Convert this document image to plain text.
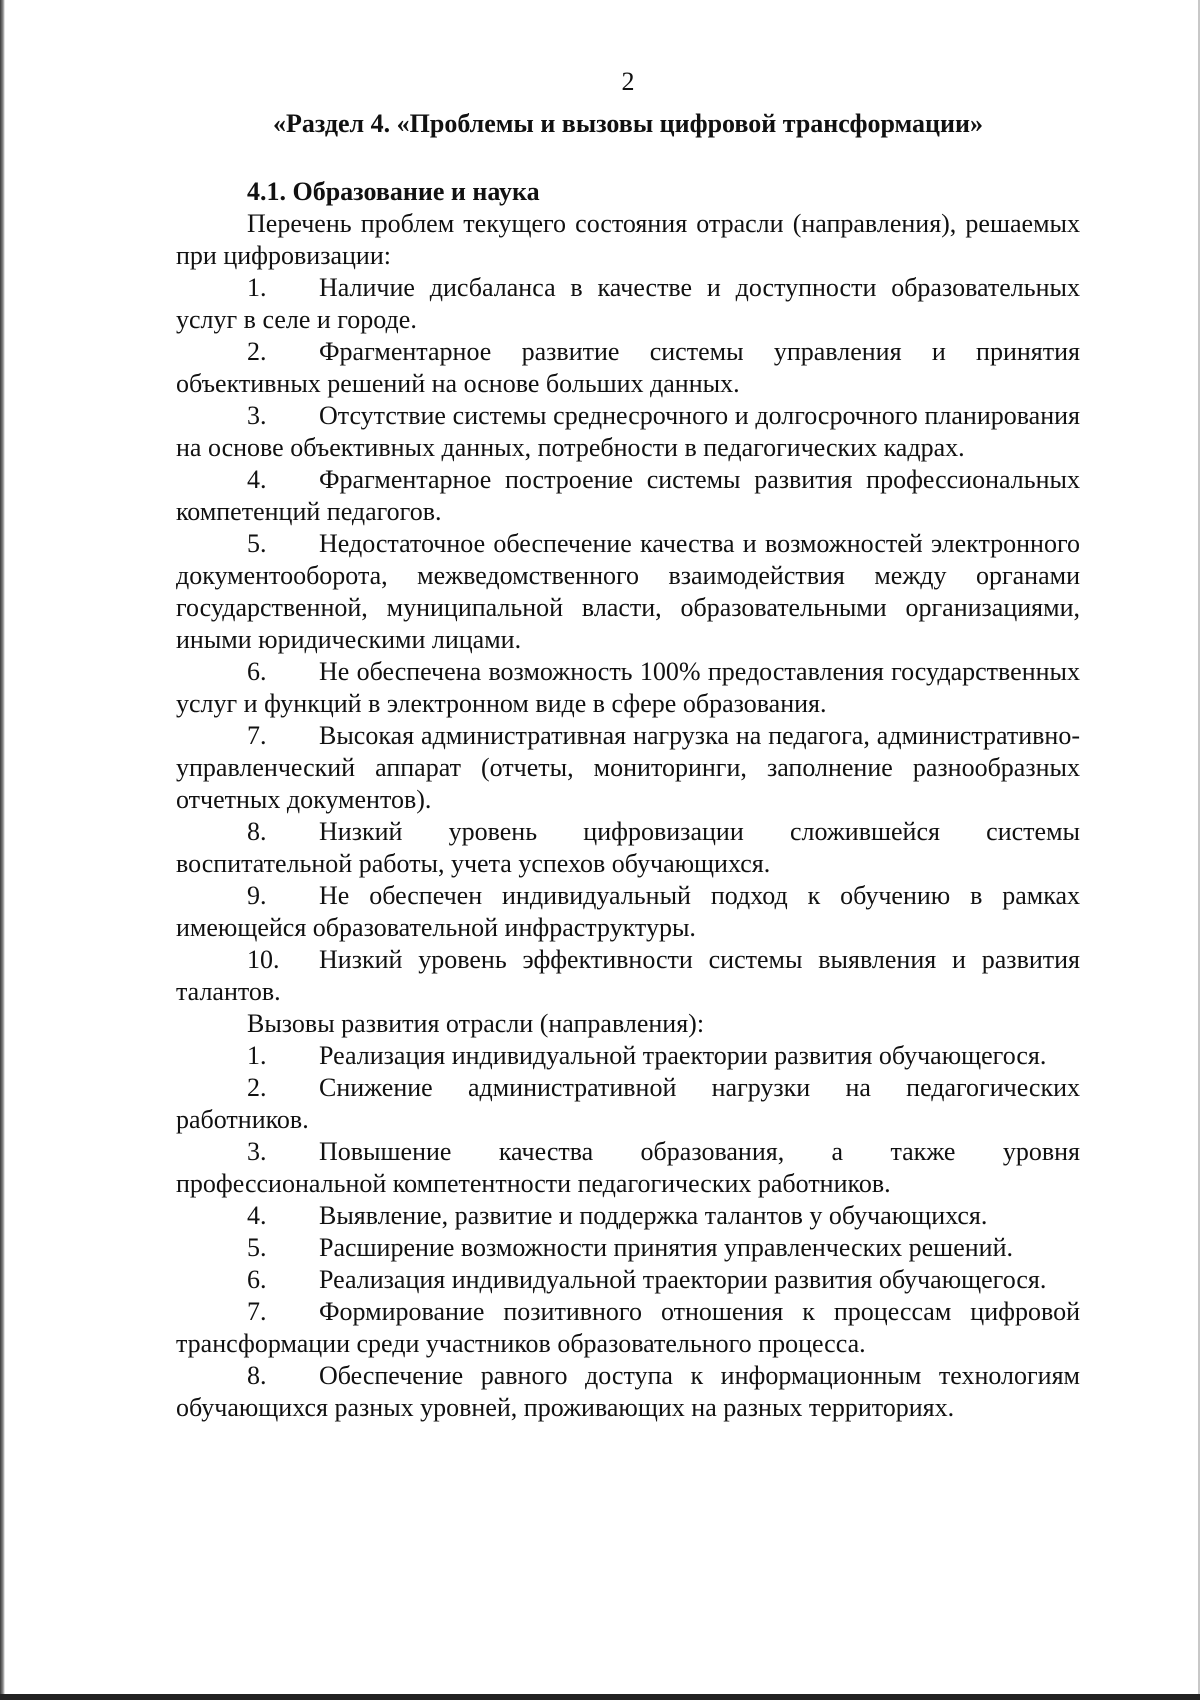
2

«Раздел 4. «Проблемы и вызовы цифровой трансформации»

4.1. Образование и наука

Перечень проблем текущего состояния отрасли (направления), решаемых при цифровизации:

1. Наличие дисбаланса в качестве и доступности образовательных услуг в селе и городе.

2. Фрагментарное развитие системы управления и принятия объективных решений на основе больших данных.

3. Отсутствие системы среднесрочного и долгосрочного планирования на основе объективных данных, потребности в педагогических кадрах.

4. Фрагментарное построение системы развития профессиональных компетенций педагогов.

5. Недостаточное обеспечение качества и возможностей электронного документооборота, межведомственного взаимодействия между органами государственной, муниципальной власти, образовательными организациями, иными юридическими лицами.

6. Не обеспечена возможность 100% предоставления государственных услуг и функций в электронном виде в сфере образования.

7. Высокая административная нагрузка на педагога, административно-управленческий аппарат (отчеты, мониторинги, заполнение разнообразных отчетных документов).

8. Низкий уровень цифровизации сложившейся системы воспитательной работы, учета успехов обучающихся.

9. Не обеспечен индивидуальный подход к обучению в рамках имеющейся образовательной инфраструктуры.

10. Низкий уровень эффективности системы выявления и развития талантов.

Вызовы развития отрасли (направления):

1. Реализация индивидуальной траектории развития обучающегося.

2. Снижение административной нагрузки на педагогических работников.

3. Повышение качества образования, а также уровня профессиональной компетентности педагогических работников.

4. Выявление, развитие и поддержка талантов у обучающихся.

5. Расширение возможности принятия управленческих решений.

6. Реализация индивидуальной траектории развития обучающегося.

7. Формирование позитивного отношения к процессам цифровой трансформации среди участников образовательного процесса.

8. Обеспечение равного доступа к информационным технологиям обучающихся разных уровней, проживающих на разных территориях.
